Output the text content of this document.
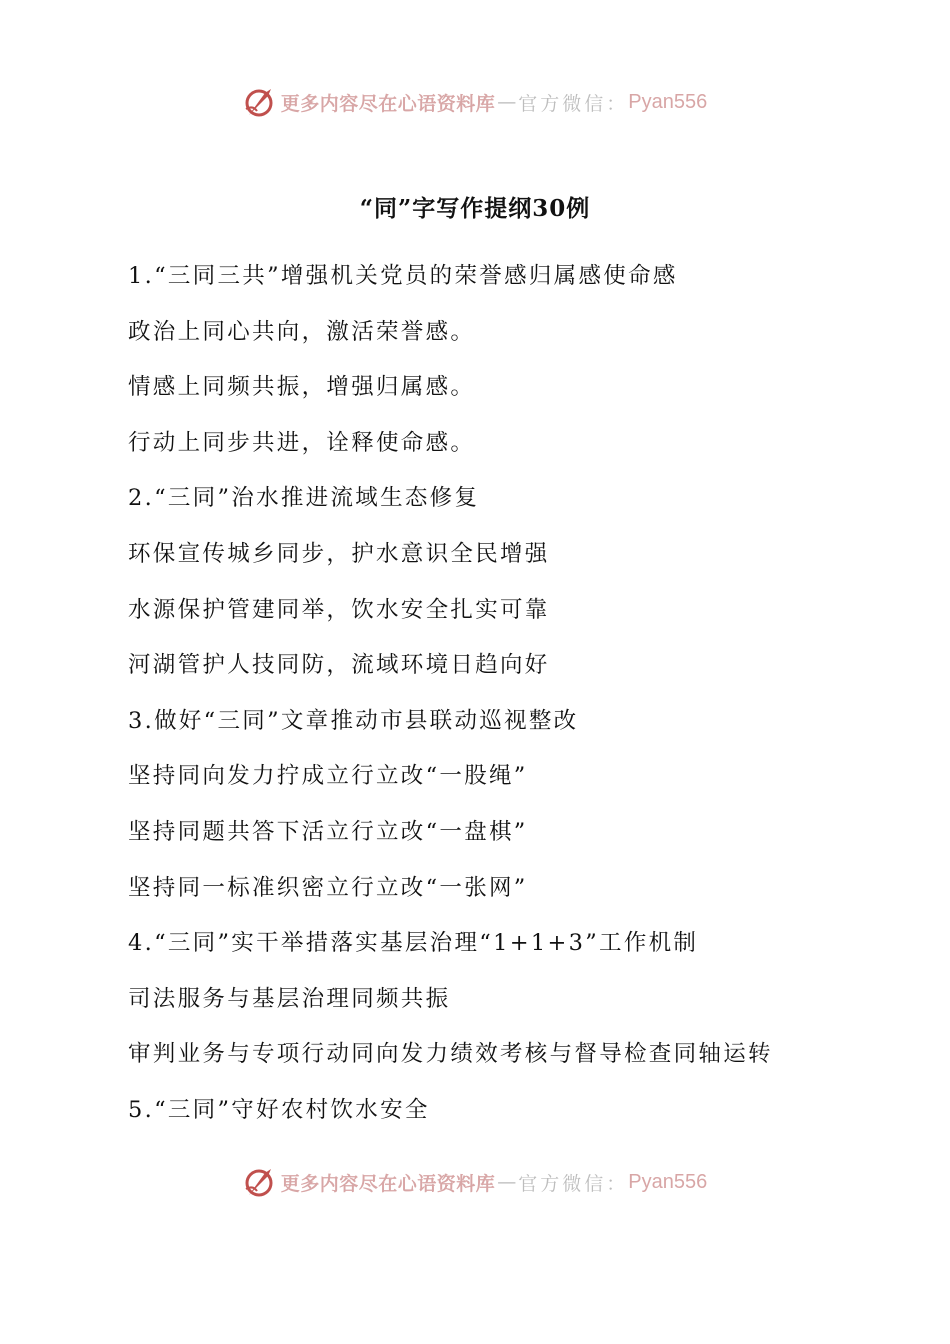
更多内容尽在心语资料库 — 官方微信： Pyan556
“同”字写作提纲30例
1.“三同三共”增强机关党员的荣誉感归属感使命感
政治上同心共向，激活荣誉感。
情感上同频共振，增强归属感。
行动上同步共进，诠释使命感。
2.“三同”治水推进流域生态修复
环保宣传城乡同步，护水意识全民增强
水源保护管建同举，饮水安全扎实可靠
河湖管护人技同防，流域环境日趋向好
3.做好“三同”文章推动市县联动巡视整改
坚持同向发力拧成立行立改“一股绳”
坚持同题共答下活立行立改“一盘棋”
坚持同一标准织密立行立改“一张网”
4.“三同”实干举措落实基层治理“1+1+3”工作机制
司法服务与基层治理同频共振
审判业务与专项行动同向发力绩效考核与督导检查同轴运转
5.“三同”守好农村饮水安全
更多内容尽在心语资料库 — 官方微信： Pyan556
